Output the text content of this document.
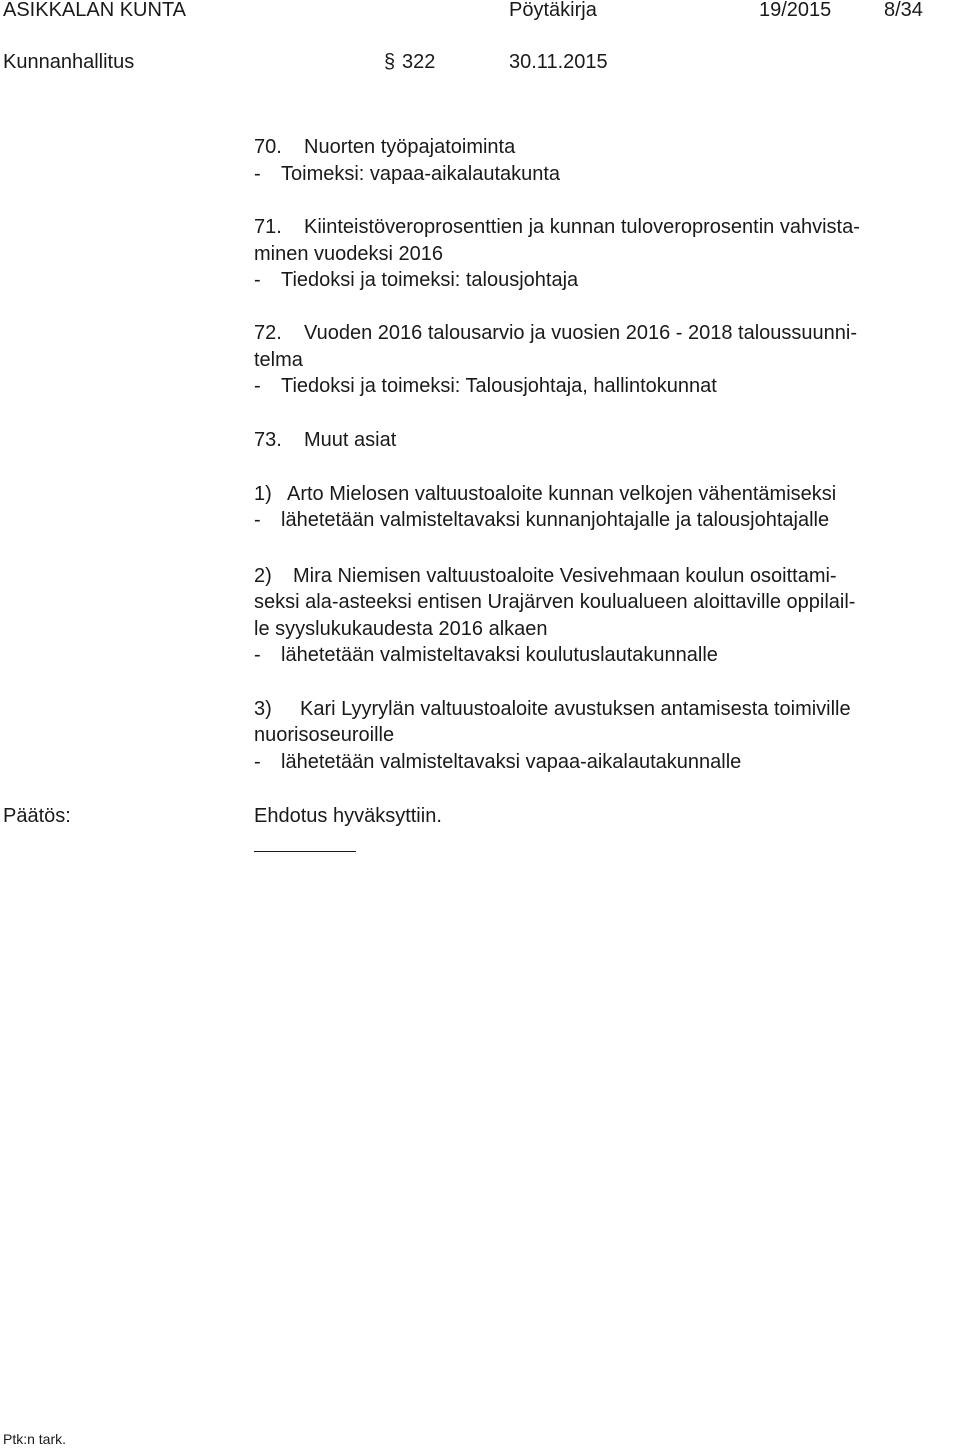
ASIKKALAN KUNTA	Pöytäkirja	19/2015	8/34
Kunnanhallitus	§ 322	30.11.2015
70. Nuorten työpajatoiminta
- Toimeksi: vapaa-aikalautakunta
71. Kiinteistöveroprosenttien ja kunnan tuloveroprosentin vahvista-
minen vuodeksi 2016
- Tiedoksi ja toimeksi: talousjohtaja
72. Vuoden 2016 talousarvio ja vuosien 2016 - 2018 taloussuunni-
telma
- Tiedoksi ja toimeksi: Talousjohtaja, hallintokunnat
73. Muut asiat
1) Arto Mielosen valtuustoaloite kunnan velkojen vähentämiseksi
- lähetetään valmisteltavaksi kunnanjohtajalle ja talousjohtajalle
2) Mira Niemisen valtuustoaloite Vesivehmaan koulun osoittami-
seksi ala-asteeksi entisen Urajärven koulualueen aloittaville oppilail-
le syyslukukaudesta 2016 alkaen
- lähetetään valmisteltavaksi koulutuslautakunnalle
3) Kari Lyyrylän valtuustoaloite avustuksen antamisesta toimiville
nuorisoseuroille
- lähetetään valmisteltavaksi vapaa-aikalautakunnalle
Päätös:	Ehdotus hyväksyttiin.
Ptk:n tark.
